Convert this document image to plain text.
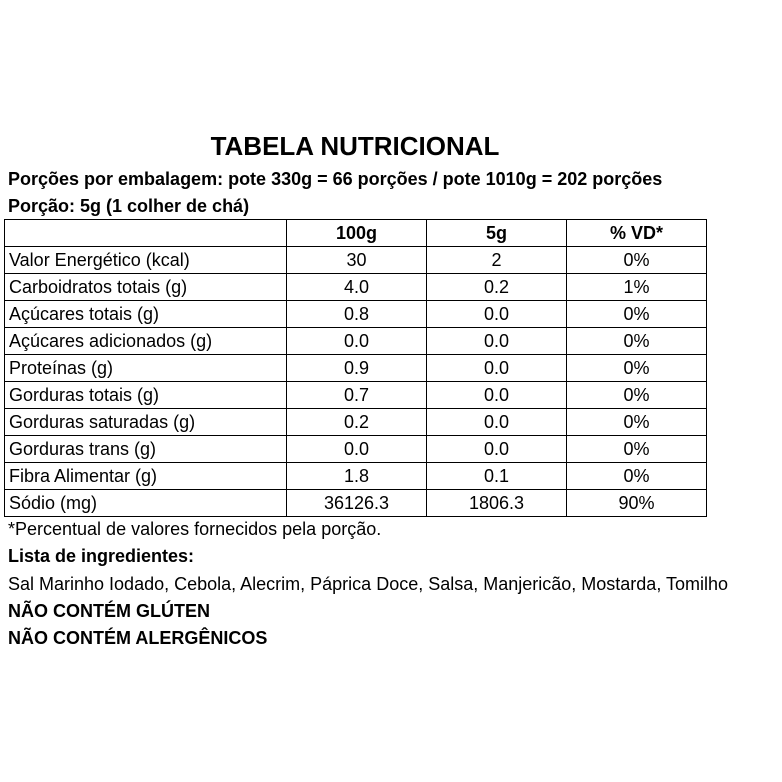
TABELA NUTRICIONAL
Porções por embalagem: pote 330g = 66 porções / pote 1010g = 202 porções
Porção: 5g (1 colher de chá)
	100g	5g	% VD*
Valor Energético (kcal)	30	2	0%
Carboidratos totais (g)	4.0	0.2	1%
Açúcares totais (g)	0.8	0.0	0%
Açúcares adicionados (g)	0.0	0.0	0%
Proteínas (g)	0.9	0.0	0%
Gorduras totais (g)	0.7	0.0	0%
Gorduras saturadas (g)	0.2	0.0	0%
Gorduras trans (g)	0.0	0.0	0%
Fibra Alimentar (g)	1.8	0.1	0%
Sódio (mg)	36126.3	1806.3	90%
*Percentual de valores fornecidos pela porção.
Lista de ingredientes:
Sal Marinho Iodado, Cebola, Alecrim, Páprica Doce, Salsa, Manjericão, Mostarda, Tomilho
NÃO CONTÉM GLÚTEN
NÃO CONTÉM ALERGÊNICOS
